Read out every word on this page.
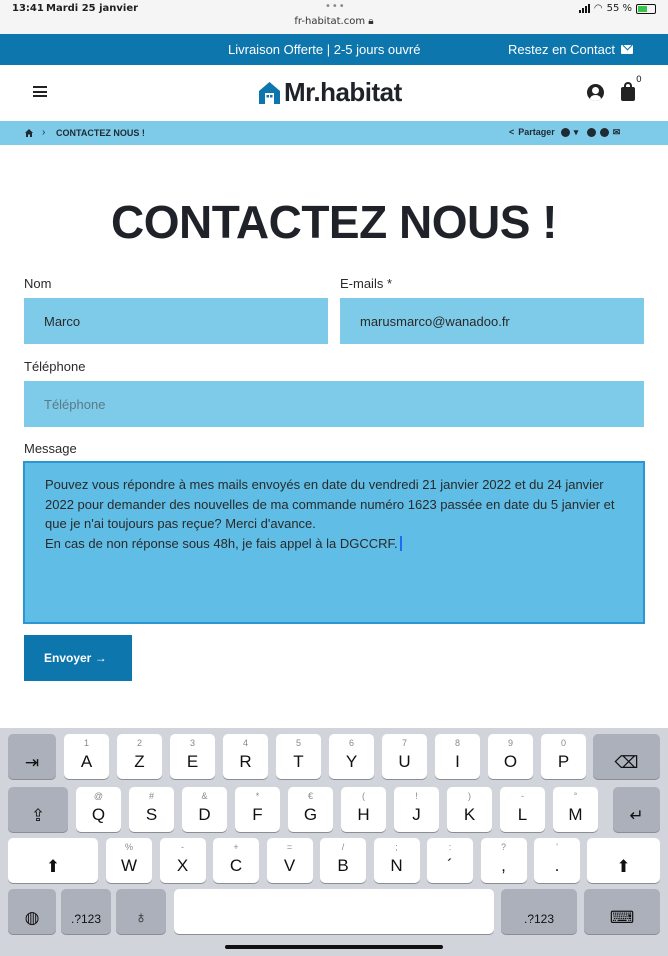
13:41 Mardi 25 janvier	•••
fr-habitat.com 🔒︎
◠ 55 %
Livraison Offerte | 2-5 jours ouvré	Restez en Contact
Mr.habitat	0
› CONTACTEZ NOUS !	< Partager ▾	✉
CONTACTEZ NOUS !
Nom
Marco
E-mails *
marusmarco@wanadoo.fr
Téléphone
Téléphone
Message
Pouvez vous répondre à mes mails envoyés en date du vendredi 21 janvier 2022 et du 24 janvier 2022 pour demander des nouvelles de ma commande numéro 1623 passée en date du 5 janvier et que je n'ai toujours pas reçue? Merci d'avance.
En cas de non réponse sous 48h, je fais appel à la DGCCRF.
Envoyer →
⇥
1
A
2
Z
3
E
4
R
5
T
6
Y
7
U
8
I
9
O
0
P	⌫
⇪
@
Q
#
S
&
D
*
F
€
G
(
H
!
J
)
K
-
L
°
M	↵
⬆
%
W
-
X
+
C
=
V
/
B
;
N
:
´
?
,
’
.	⬆
◍	.?123	♁	.?123	⌨
